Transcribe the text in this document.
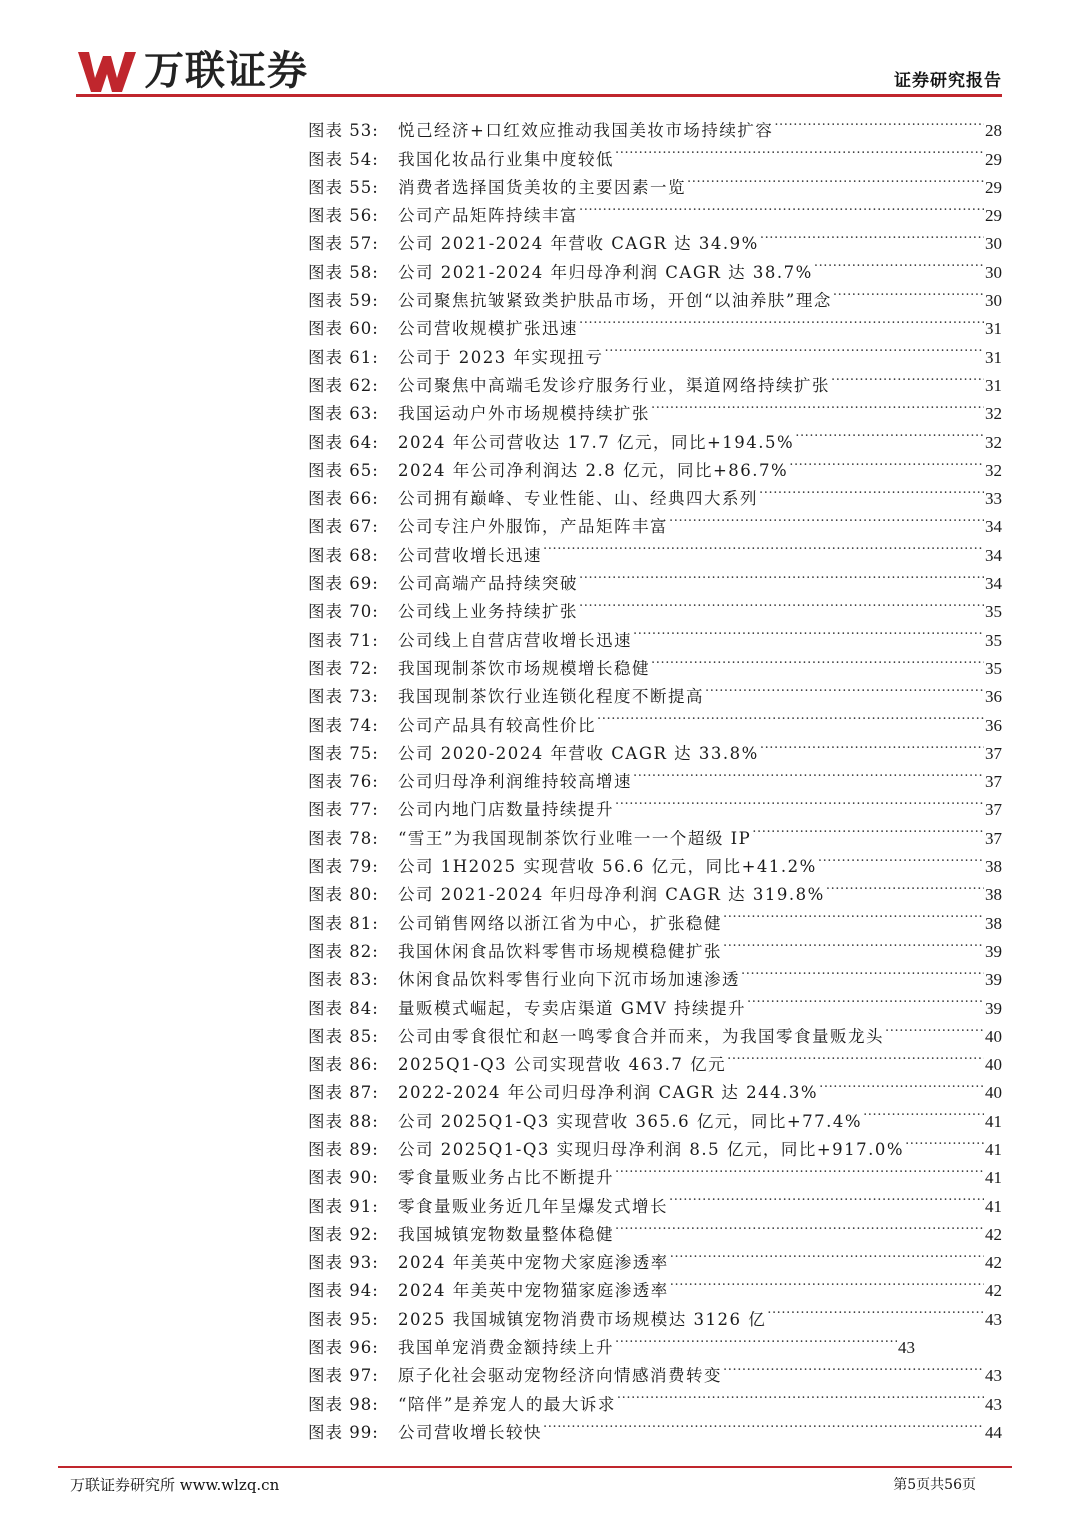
万联证券	证券研究报告
图表 53:	悦己经济+口红效应推动我国美妆市场持续扩容 .....	28
图表 54:	我国化妆品行业集中度较低 .....	29
图表 55:	消费者选择国货美妆的主要因素一览 .....	29
图表 56:	公司产品矩阵持续丰富 .....	29
图表 57:	公司 2021-2024 年营收 CAGR 达 34.9% .....	30
图表 58:	公司 2021-2024 年归母净利润 CAGR 达 38.7% .....	30
图表 59:	公司聚焦抗皱紧致类护肤品市场，开创“以油养肤”理念 .....	30
图表 60:	公司营收规模扩张迅速 .....	31
图表 61:	公司于 2023 年实现扭亏 .....	31
图表 62:	公司聚焦中高端毛发诊疗服务行业，渠道网络持续扩张 .....	31
图表 63:	我国运动户外市场规模持续扩张 .....	32
图表 64:	2024 年公司营收达 17.7 亿元，同比+194.5% .....	32
图表 65:	2024 年公司净利润达 2.8 亿元，同比+86.7% .....	32
图表 66:	公司拥有巅峰、专业性能、山、经典四大系列 .....	33
图表 67:	公司专注户外服饰，产品矩阵丰富 .....	34
图表 68:	公司营收增长迅速 .....	34
图表 69:	公司高端产品持续突破 .....	34
图表 70:	公司线上业务持续扩张 .....	35
图表 71:	公司线上自营店营收增长迅速 .....	35
图表 72:	我国现制茶饮市场规模增长稳健 .....	35
图表 73:	我国现制茶饮行业连锁化程度不断提高 .....	36
图表 74:	公司产品具有较高性价比 .....	36
图表 75:	公司 2020-2024 年营收 CAGR 达 33.8% .....	37
图表 76:	公司归母净利润维持较高增速 .....	37
图表 77:	公司内地门店数量持续提升 .....	37
图表 78:	“雪王”为我国现制茶饮行业唯一一个超级 IP .....	37
图表 79:	公司 1H2025 实现营收 56.6 亿元，同比+41.2% .....	38
图表 80:	公司 2021-2024 年归母净利润 CAGR 达 319.8% .....	38
图表 81:	公司销售网络以浙江省为中心，扩张稳健 .....	38
图表 82:	我国休闲食品饮料零售市场规模稳健扩张 .....	39
图表 83:	休闲食品饮料零售行业向下沉市场加速渗透 .....	39
图表 84:	量贩模式崛起，专卖店渠道 GMV 持续提升 .....	39
图表 85:	公司由零食很忙和赵一鸣零食合并而来，为我国零食量贩龙头 .....	40
图表 86:	2025Q1-Q3 公司实现营收 463.7 亿元 .....	40
图表 87:	2022-2024 年公司归母净利润 CAGR 达 244.3% .....	40
图表 88:	公司 2025Q1-Q3 实现营收 365.6 亿元，同比+77.4% .....	41
图表 89:	公司 2025Q1-Q3 实现归母净利润 8.5 亿元，同比+917.0% .....	41
图表 90:	零食量贩业务占比不断提升 .....	41
图表 91:	零食量贩业务近几年呈爆发式增长 .....	41
图表 92:	我国城镇宠物数量整体稳健 .....	42
图表 93:	2024 年美英中宠物犬家庭渗透率 .....	42
图表 94:	2024 年美英中宠物猫家庭渗透率 .....	42
图表 95:	2025 我国城镇宠物消费市场规模达 3126 亿 .....	43
图表 96:	我国单宠消费金额持续上升 .....	43
图表 97:	原子化社会驱动宠物经济向情感消费转变 .....	43
图表 98:	“陪伴”是养宠人的最大诉求 .....	43
图表 99:	公司营收增长较快 .....	44
万联证券研究所 www.wlzq.cn	第5页共56页
